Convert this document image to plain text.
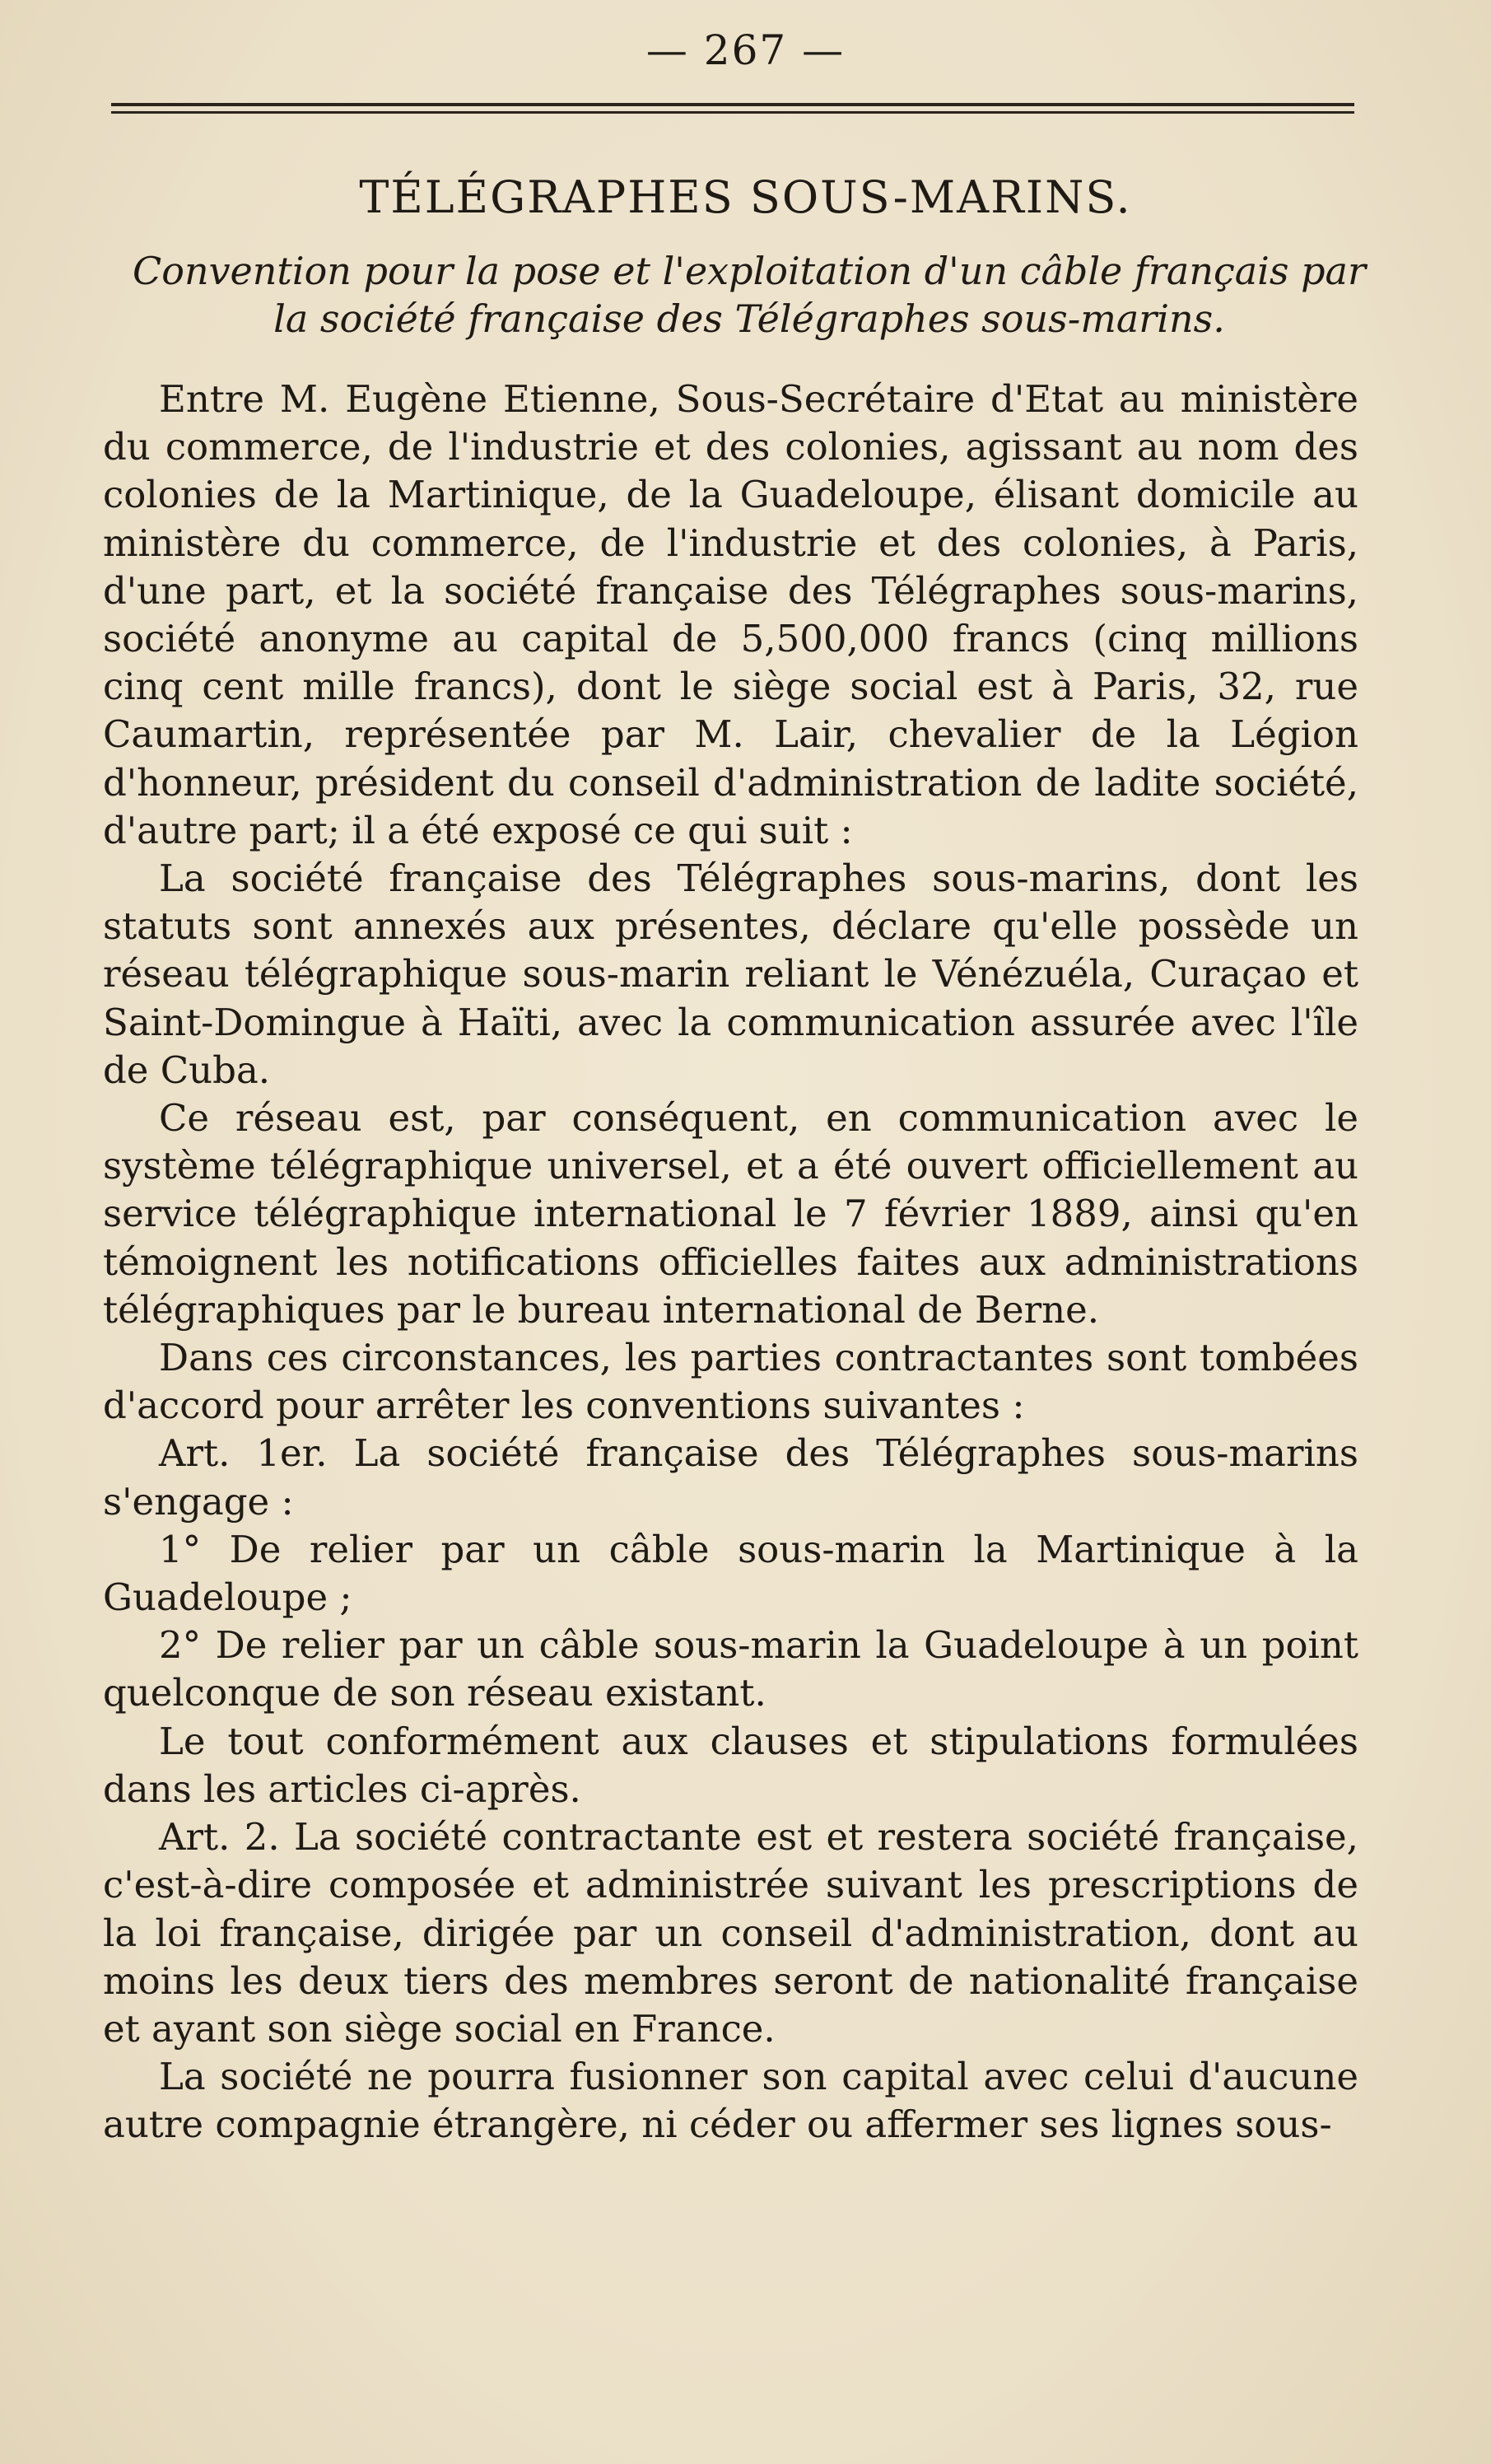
— 267 —
TÉLÉGRAPHES SOUS-MARINS.
Convention pour la pose et l'exploitation d'un câble français par la société française des Télégraphes sous-marins.

Entre M. Eugène Etienne, Sous-Secrétaire d'Etat au ministère du commerce, de l'industrie et des colonies, agissant au nom des colonies de la Martinique, de la Guadeloupe, élisant domicile au ministère du commerce, de l'industrie et des colonies, à Paris, d'une part, et la société française des Télégraphes sous-marins, société anonyme au capital de 5,500,000 francs (cinq millions cinq cent mille francs), dont le siège social est à Paris, 32, rue Caumartin, représentée par M. Lair, chevalier de la Légion d'honneur, président du conseil d'administration de ladite société, d'autre part; il a été exposé ce qui suit :

La société française des Télégraphes sous-marins, dont les statuts sont annexés aux présentes, déclare qu'elle possède un réseau télégraphique sous-marin reliant le Vénézuéla, Curaçao et Saint-Domingue à Haïti, avec la communication assurée avec l'île de Cuba.

Ce réseau est, par conséquent, en communication avec le système télégraphique universel, et a été ouvert officiellement au service télégraphique international le 7 février 1889, ainsi qu'en témoignent les notifications officielles faites aux administrations télégraphiques par le bureau international de Berne.

Dans ces circonstances, les parties contractantes sont tombées d'accord pour arrêter les conventions suivantes :

Art. 1er. La société française des Télégraphes sous-marins s'engage :

1° De relier par un câble sous-marin la Martinique à la Guadeloupe ;

2° De relier par un câble sous-marin la Guadeloupe à un point quelconque de son réseau existant.

Le tout conformément aux clauses et stipulations formulées dans les articles ci-après.

Art. 2. La société contractante est et restera société française, c'est-à-dire composée et administrée suivant les prescriptions de la loi française, dirigée par un conseil d'administration, dont au moins les deux tiers des membres seront de nationalité française et ayant son siège social en France.

La société ne pourra fusionner son capital avec celui d'aucune autre compagnie étrangère, ni céder ou affermer ses lignes sous-
